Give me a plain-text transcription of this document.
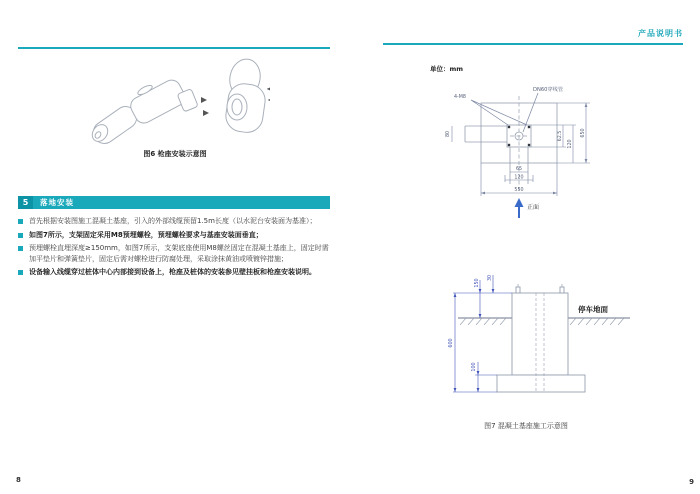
图6 枪座安装示意图
5	落地安装
首先根据安装图施工混凝土基座，引入的外部线缆预留1.5m长度（以水泥台安装面为基准）；
如图7所示，支架固定采用M8预埋螺栓，预埋螺栓要求与基座安装面垂直；
预埋螺栓直埋深度≥150mm，如图7所示，支架底座使用M8螺丝固定在混凝土基座上，固定时需加平垫片和弹簧垫片，固定后需对螺栓进行防腐处理，采取涂抹黄油或喷镀锌措施；
设备输入线缆穿过桩体中心内部接到设备上，枪座及桩体的安装参见壁挂板和枪座安装说明。
8
产品说明书
单位：mm
4-M8
DN60穿线管
80	62.5
120
650
65
120
550
正面
600
150
30
100
停车地面
图7 混凝土基座施工示意图
9
